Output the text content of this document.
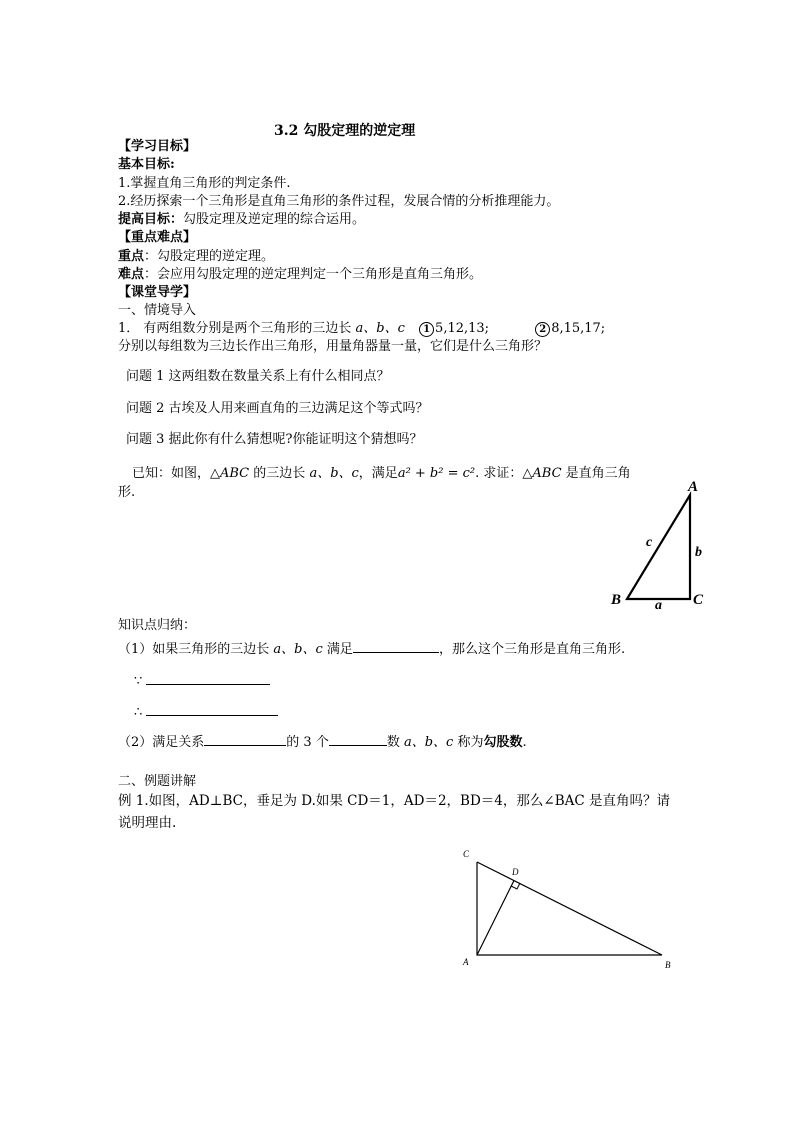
3.2 勾股定理的逆定理
【学习目标】
基本目标:
1.掌握直角三角形的判定条件.
2.经历探索一个三角形是直角三角形的条件过程，发展合情的分析推理能力。
提高目标：勾股定理及逆定理的综合运用。
【重点难点】
重点：勾股定理的逆定理。
难点：会应用勾股定理的逆定理判定一个三角形是直角三角形。
【课堂导学】
一、情境导入
1． 有两组数分别是两个三角形的三边长 a、b、c 1 5,12,13;	2 8,15,17;
分别以每组数为三边长作出三角形，用量角器量一量，它们是什么三角形？
问题 1 这两组数在数量关系上有什么相同点？
问题 2 古埃及人用来画直角的三边满足这个等式吗？
问题 3 据此你有什么猜想呢?你能证明这个猜想吗？
已知：如图，△ABC 的三边长 a、b、c，满足a² + b² = c². 求证：△ABC 是直角三角
形.	A
B	C
a
b
c
知识点归纳：
（1）如果三角形的三边长 a、b、c 满足	，那么这个三角形是直角三角形.
∵
∴
（2）满足关系	的 3 个	数 a、b、c 称为勾股数.
二、例题讲解
例 1.如图，AD⊥BC，垂足为 D.如果 CD＝1，AD＝2，BD＝4，那么∠BAC 是直角吗？请
说明理由.
C
D
A	B
